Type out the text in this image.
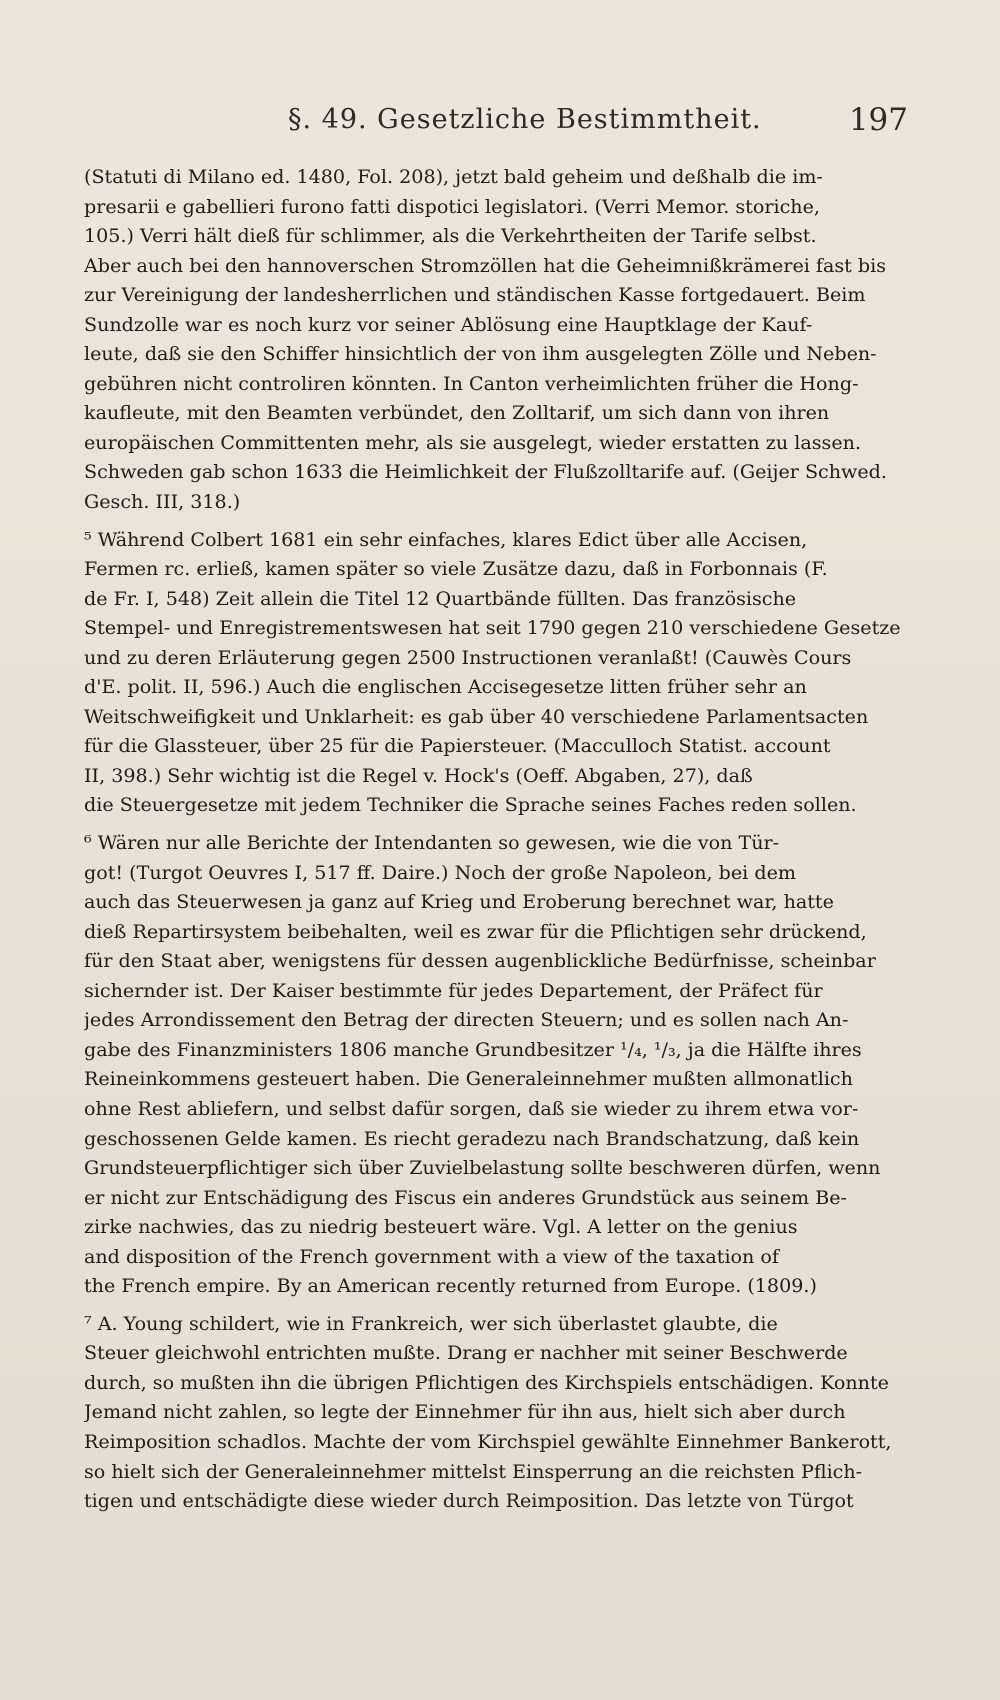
§. 49. Gesetzliche Bestimmtheit.	197
(Statuti di Milano ed. 1480, Fol. 208), jetzt bald geheim und deßhalb die im-
presarii e gabellieri furono fatti dispotici legislatori. (Verri Memor. storiche,
105.) Verri hält dieß für schlimmer, als die Verkehrtheiten der Tarife selbst.
Aber auch bei den hannoverschen Stromzöllen hat die Geheimnißkrämerei fast bis
zur Vereinigung der landesherrlichen und ständischen Kasse fortgedauert. Beim
Sundzolle war es noch kurz vor seiner Ablösung eine Hauptklage der Kauf-
leute, daß sie den Schiffer hinsichtlich der von ihm ausgelegten Zölle und Neben-
gebühren nicht controliren könnten. In Canton verheimlichten früher die Hong-
kaufleute, mit den Beamten verbündet, den Zolltarif, um sich dann von ihren
europäischen Committenten mehr, als sie ausgelegt, wieder erstatten zu lassen.
Schweden gab schon 1633 die Heimlichkeit der Flußzolltarife auf. (Geijer Schwed.
Gesch. III, 318.)
⁵ Während Colbert 1681 ein sehr einfaches, klares Edict über alle Accisen,
Fermen rc. erließ, kamen später so viele Zusätze dazu, daß in Forbonnais (F.
de Fr. I, 548) Zeit allein die Titel 12 Quartbände füllten. Das französische
Stempel- und Enregistrementswesen hat seit 1790 gegen 210 verschiedene Gesetze
und zu deren Erläuterung gegen 2500 Instructionen veranlaßt! (Cauwès Cours
d'E. polit. II, 596.) Auch die englischen Accisegesetze litten früher sehr an
Weitschweifigkeit und Unklarheit: es gab über 40 verschiedene Parlamentsacten
für die Glassteuer, über 25 für die Papiersteuer. (Macculloch Statist. account
II, 398.) Sehr wichtig ist die Regel v. Hock's (Oeff. Abgaben, 27), daß
die Steuergesetze mit jedem Techniker die Sprache seines Faches reden sollen.
⁶ Wären nur alle Berichte der Intendanten so gewesen, wie die von Tür-
got! (Turgot Oeuvres I, 517 ff. Daire.) Noch der große Napoleon, bei dem
auch das Steuerwesen ja ganz auf Krieg und Eroberung berechnet war, hatte
dieß Repartirsystem beibehalten, weil es zwar für die Pflichtigen sehr drückend,
für den Staat aber, wenigstens für dessen augenblickliche Bedürfnisse, scheinbar
sichernder ist. Der Kaiser bestimmte für jedes Departement, der Präfect für
jedes Arrondissement den Betrag der directen Steuern; und es sollen nach An-
gabe des Finanzministers 1806 manche Grundbesitzer ¹/₄, ¹/₃, ja die Hälfte ihres
Reineinkommens gesteuert haben. Die Generaleinnehmer mußten allmonatlich
ohne Rest abliefern, und selbst dafür sorgen, daß sie wieder zu ihrem etwa vor-
geschossenen Gelde kamen. Es riecht geradezu nach Brandschatzung, daß kein
Grundsteuerpflichtiger sich über Zuvielbelastung sollte beschweren dürfen, wenn
er nicht zur Entschädigung des Fiscus ein anderes Grundstück aus seinem Be-
zirke nachwies, das zu niedrig besteuert wäre. Vgl. A letter on the genius
and disposition of the French government with a view of the taxation of
the French empire. By an American recently returned from Europe. (1809.)
⁷ A. Young schildert, wie in Frankreich, wer sich überlastet glaubte, die
Steuer gleichwohl entrichten mußte. Drang er nachher mit seiner Beschwerde
durch, so mußten ihn die übrigen Pflichtigen des Kirchspiels entschädigen. Konnte
Jemand nicht zahlen, so legte der Einnehmer für ihn aus, hielt sich aber durch
Reimposition schadlos. Machte der vom Kirchspiel gewählte Einnehmer Bankerott,
so hielt sich der Generaleinnehmer mittelst Einsperrung an die reichsten Pflich-
tigen und entschädigte diese wieder durch Reimposition. Das letzte von Türgot
